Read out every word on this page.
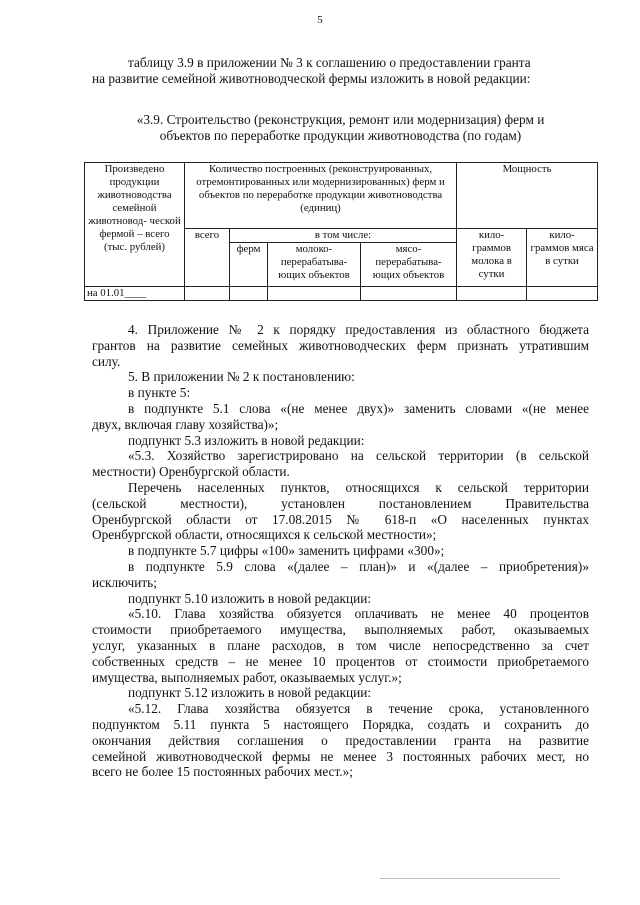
5
таблицу 3.9 в приложении № 3 к соглашению о предоставлении гранта
на развитие семейной животноводческой фермы изложить в новой редакции:
«3.9. Строительство (реконструкция, ремонт или модернизация) ферм и
объектов по переработке продукции животноводства (по годам)
Произведено продукции животноводства семейной животновод- ческой фермой – всего (тыс. рублей)	Количество построенных (реконструированных, отремонтированных или модернизированных) ферм и объектов по переработке продукции животноводства (единиц)				Мощность	
	всего	в том числе:			кило- граммов молока в сутки	кило- граммов мяса в сутки
		ферм	молоко- перерабатыва- ющих объектов	мясо- перерабатыва- ющих объектов		
на 01.01____						
4. Приложение № 2 к порядку предоставления из областного бюджета
грантов на развитие семейных животноводческих ферм признать утратившим
силу.
5. В приложении № 2 к постановлению:
в пункте 5:
в подпункте 5.1 слова «(не менее двух)» заменить словами «(не менее
двух, включая главу хозяйства)»;
подпункт 5.3 изложить в новой редакции:
«5.3. Хозяйство зарегистрировано на сельской территории (в сельской
местности) Оренбургской области.
Перечень населенных пунктов, относящихся к сельской территории
(сельской местности), установлен постановлением Правительства
Оренбургской области от 17.08.2015 № 618-п «О населенных пунктах
Оренбургской области, относящихся к сельской местности»;
в подпункте 5.7 цифры «100» заменить цифрами «300»;
в подпункте 5.9 слова «(далее – план)» и «(далее – приобретения)»
исключить;
подпункт 5.10 изложить в новой редакции:
«5.10. Глава хозяйства обязуется оплачивать не менее 40 процентов
стоимости приобретаемого имущества, выполняемых работ, оказываемых
услуг, указанных в плане расходов, в том числе непосредственно за счет
собственных средств – не менее 10 процентов от стоимости приобретаемого
имущества, выполняемых работ, оказываемых услуг.»;
подпункт 5.12 изложить в новой редакции:
«5.12. Глава хозяйства обязуется в течение срока, установленного
подпунктом 5.11 пункта 5 настоящего Порядка, создать и сохранить до
окончания действия соглашения о предоставлении гранта на развитие
семейной животноводческой фермы не менее 3 постоянных рабочих мест, но
всего не более 15 постоянных рабочих мест.»;
